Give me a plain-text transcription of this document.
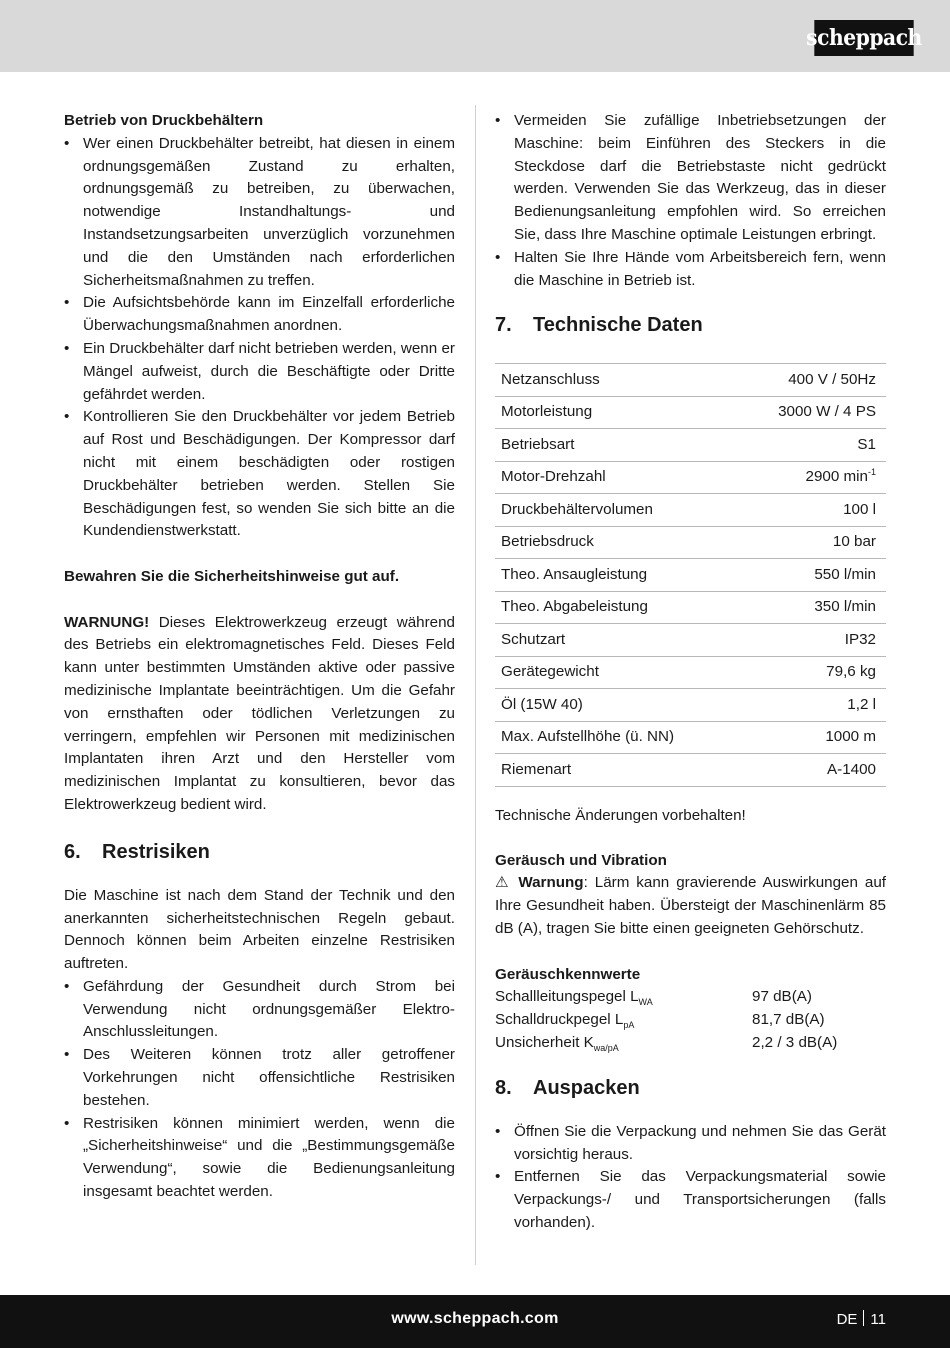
scheppach

Betrieb von Druckbehältern

• Wer einen Druckbehälter betreibt, hat diesen in einem ordnungsgemäßen Zustand zu erhalten, ordnungsgemäß zu betreiben, zu überwachen, notwendige Instandhaltungs- und Instandsetzungsarbeiten unverzüglich vorzunehmen und die den Umständen nach erforderlichen Sicherheitsmaßnahmen zu treffen.
• Die Aufsichtsbehörde kann im Einzelfall erforderliche Überwachungsmaßnahmen anordnen.
• Ein Druckbehälter darf nicht betrieben werden, wenn er Mängel aufweist, durch die Beschäftigte oder Dritte gefährdet werden.
• Kontrollieren Sie den Druckbehälter vor jedem Betrieb auf Rost und Beschädigungen. Der Kompressor darf nicht mit einem beschädigten oder rostigen Druckbehälter betrieben werden. Stellen Sie Beschädigungen fest, so wenden Sie sich bitte an die Kundendienstwerkstatt.

Bewahren Sie die Sicherheitshinweise gut auf.

WARNUNG! Dieses Elektrowerkzeug erzeugt während des Betriebs ein elektromagnetisches Feld. Dieses Feld kann unter bestimmten Umständen aktive oder passive medizinische Implantate beeinträchtigen. Um die Gefahr von ernsthaften oder tödlichen Verletzungen zu verringern, empfehlen wir Personen mit medizinischen Implantaten ihren Arzt und den Hersteller vom medizinischen Implantat zu konsultieren, bevor das Elektrowerkzeug bedient wird.

6.	Restrisiken

Die Maschine ist nach dem Stand der Technik und den anerkannten sicherheitstechnischen Regeln gebaut. Dennoch können beim Arbeiten einzelne Restrisiken auftreten.

• Gefährdung der Gesundheit durch Strom bei Verwendung nicht ordnungsgemäßer Elektro-Anschlussleitungen.
• Des Weiteren können trotz aller getroffener Vorkehrungen nicht offensichtliche Restrisiken bestehen.
• Restrisiken können minimiert werden, wenn die „Sicherheitshinweise“ und die „Bestimmungsgemäße Verwendung“, sowie die Bedienungsanleitung insgesamt beachtet werden.
• Vermeiden Sie zufällige Inbetriebsetzungen der Maschine: beim Einführen des Steckers in die Steckdose darf die Betriebstaste nicht gedrückt werden. Verwenden Sie das Werkzeug, das in dieser Bedienungsanleitung empfohlen wird. So erreichen Sie, dass Ihre Maschine optimale Leistungen erbringt.
• Halten Sie Ihre Hände vom Arbeitsbereich fern, wenn die Maschine in Betrieb ist.
7.	Technische Daten
Netzanschluss	400 V / 50Hz
Motorleistung	3000 W / 4 PS
Betriebsart	S1
Motor-Drehzahl	2900 $\min^{-1}$
Druckbehältervolumen	100 l
Betriebsdruck	10 bar
Theo. Ansaugleistung	550 l/min
Theo. Abgabeleistung	350 l/min
Schutzart	IP32
Gerätegewicht	79,6 kg
Öl (15W 40)	1,2 l
Max. Aufstellhöhe (ü. NN)	1000 m
Riemenart	A-1400

Technische Änderungen vorbehalten!

Geräusch und Vibration

⚠ Warnung: Lärm kann gravierende Auswirkungen auf Ihre Gesundheit haben. Übersteigt der Maschinenlärm 85 dB (A), tragen Sie bitte einen geeigneten Gehörschutz.

Geräuschkennwerte

Schallleitungspegel $L_{WA}$	97 dB(A)
Schalldruckpegel $L_{pA}$	81,7 dB(A)
Unsicherheit $K_{wa/pA}$	2,2 / 3 dB(A)
8.	Auspacken
• Öffnen Sie die Verpackung und nehmen Sie das Gerät vorsichtig heraus.
• Entfernen Sie das Verpackungsmaterial sowie Verpackungs-/ und Transportsicherungen (falls vorhanden).
www.scheppach.com	DE 11
